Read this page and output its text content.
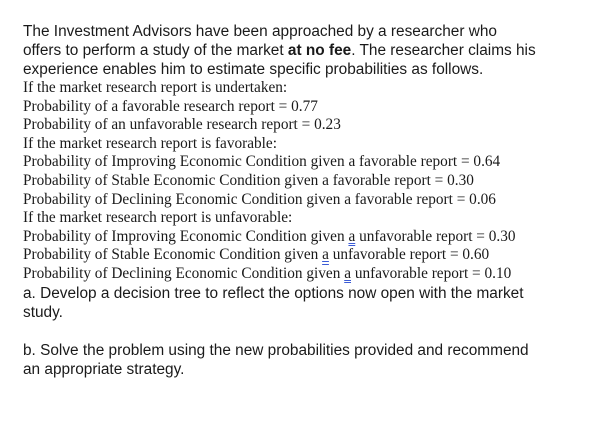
The Investment Advisors have been approached by a researcher who
offers to perform a study of the market at no fee. The researcher claims his
experience enables him to estimate specific probabilities as follows.
If the market research report is undertaken:
Probability of a favorable research report = 0.77
Probability of an unfavorable research report = 0.23
If the market research report is favorable:
Probability of Improving Economic Condition given a favorable report = 0.64
Probability of Stable Economic Condition given a favorable report = 0.30
Probability of Declining Economic Condition given a favorable report = 0.06
If the market research report is unfavorable:
Probability of Improving Economic Condition given a unfavorable report = 0.30
Probability of Stable Economic Condition given a unfavorable report = 0.60
Probability of Declining Economic Condition given a unfavorable report = 0.10
a. Develop a decision tree to reflect the options now open with the market
study.
b. Solve the problem using the new probabilities provided and recommend
an appropriate strategy.
